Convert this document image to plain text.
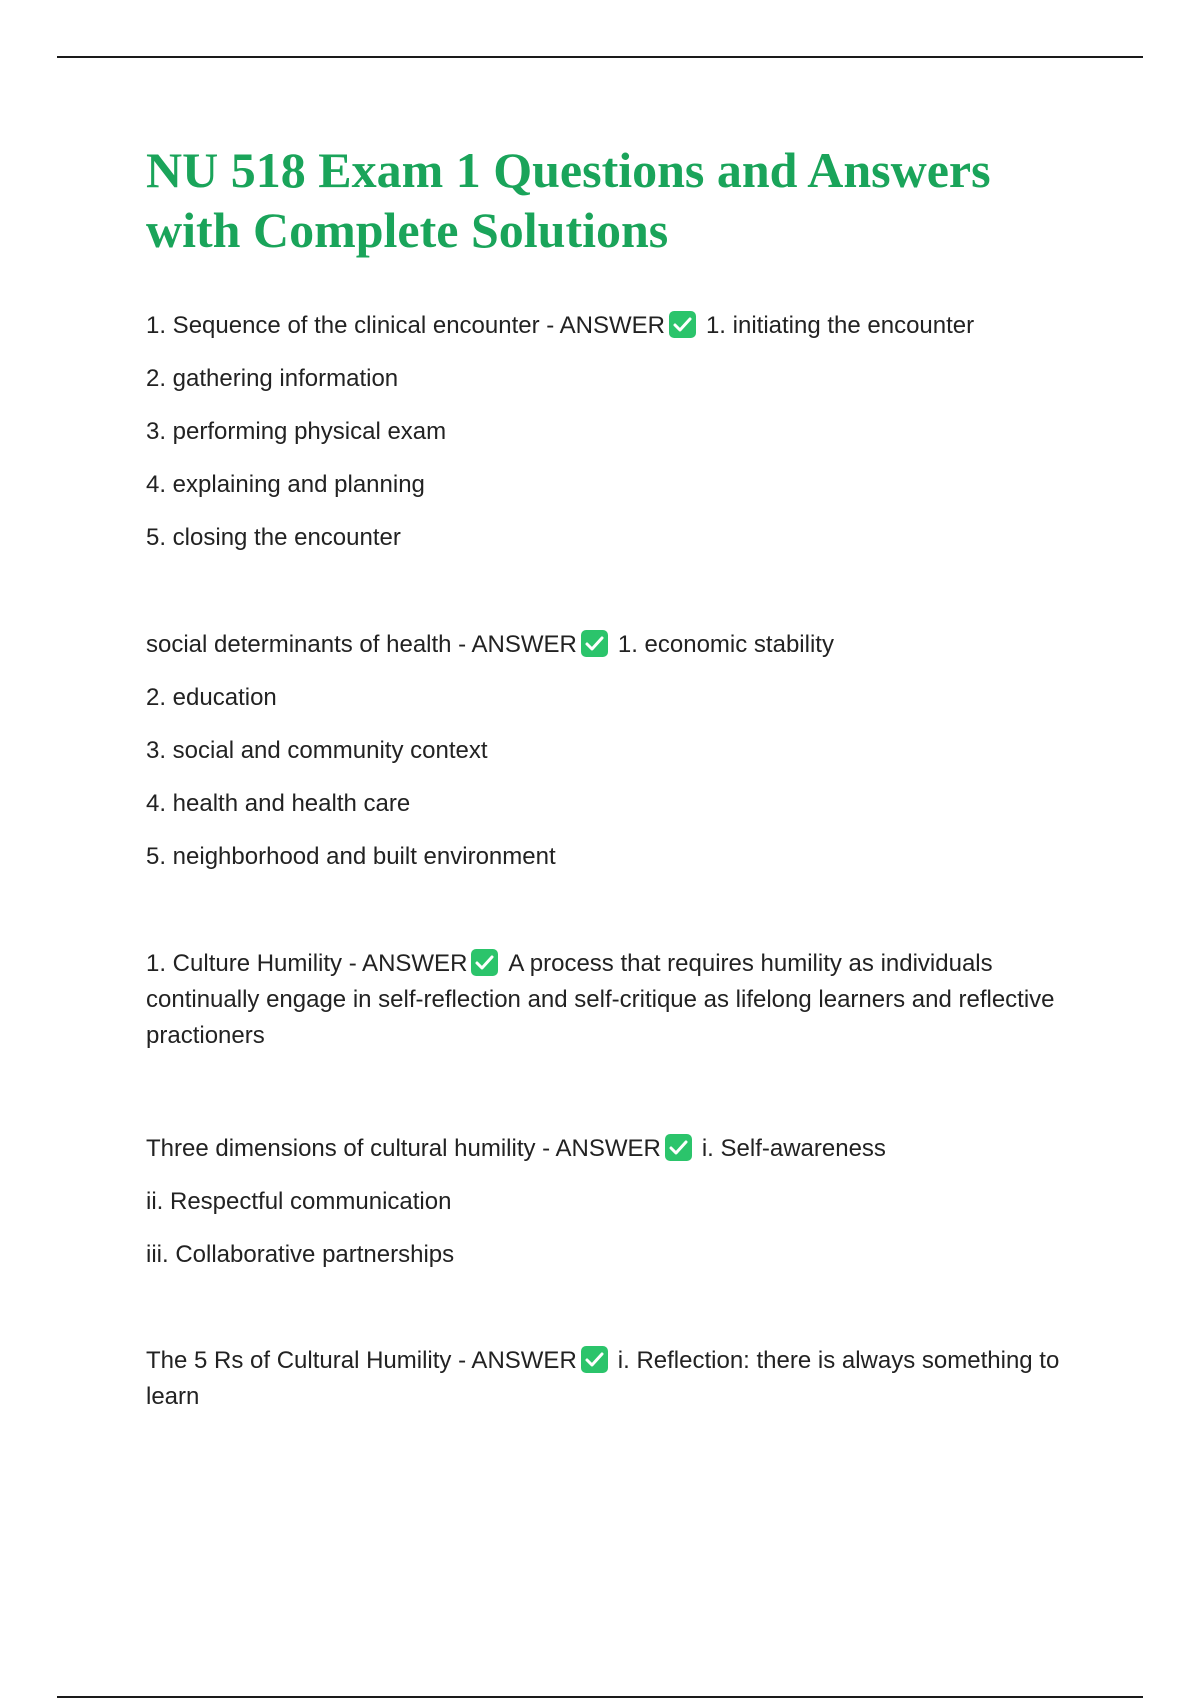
NU 518 Exam 1 Questions and Answers with Complete Solutions

1. Sequence of the clinical encounter - ANSWER 1. initiating the encounter

2. gathering information

3. performing physical exam

4. explaining and planning

5. closing the encounter

social determinants of health - ANSWER 1. economic stability

2. education

3. social and community context

4. health and health care

5. neighborhood and built environment

1. Culture Humility - ANSWER A process that requires humility as individuals continually engage in self-reflection and self-critique as lifelong learners and reflective practioners

Three dimensions of cultural humility - ANSWER i. Self-awareness

ii. Respectful communication

iii. Collaborative partnerships

The 5 Rs of Cultural Humility - ANSWER i. Reflection: there is always something to learn
